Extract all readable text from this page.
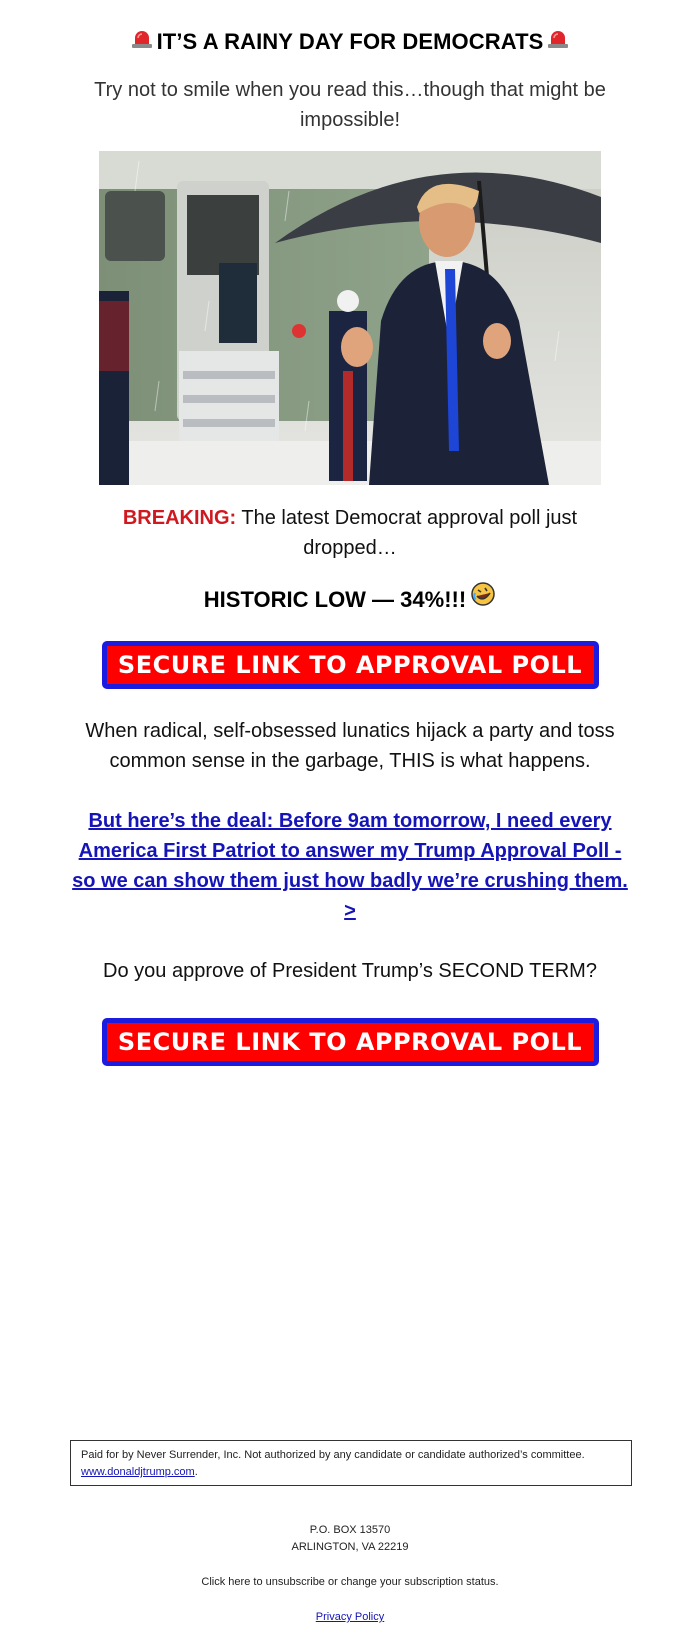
IT’S A RAINY DAY FOR DEMOCRATS

Try not to smile when you read this…though that might be impossible!

BREAKING: The latest Democrat approval poll just dropped…

HISTORIC LOW — 34%!!!

SECURE LINK TO APPROVAL POLL

When radical, self-obsessed lunatics hijack a party and toss common sense in the garbage, THIS is what happens.

But here’s the deal: Before 9am tomorrow, I need every America First Patriot to answer my Trump Approval Poll - so we can show them just how badly we’re crushing them. >

Do you approve of President Trump’s SECOND TERM?

SECURE LINK TO APPROVAL POLL
Paid for by Never Surrender, Inc. Not authorized by any candidate or candidate authorized’s committee.
www.donaldjtrump.com.
P.O. BOX 13570
ARLINGTON, VA 22219
Click here to unsubscribe or change your subscription status.
Privacy Policy
